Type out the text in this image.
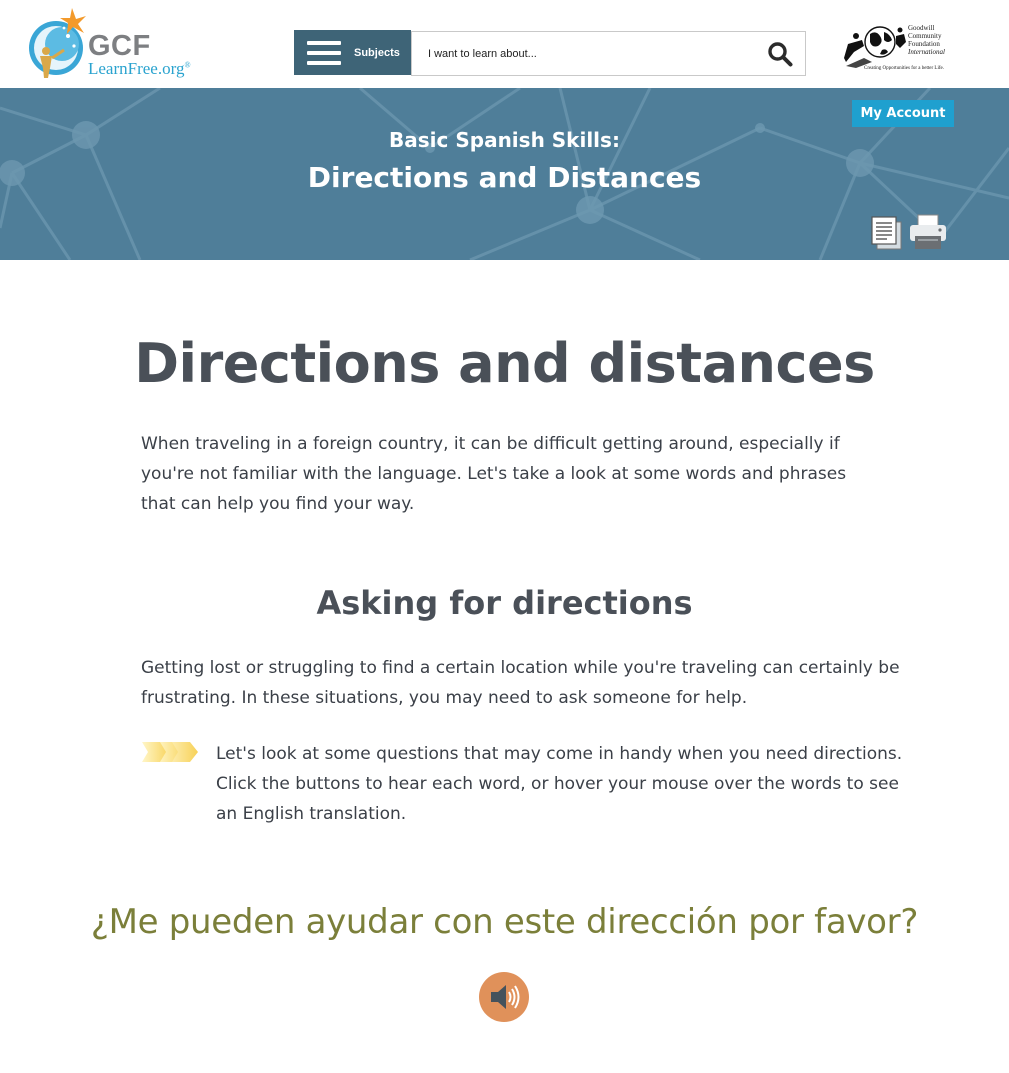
GCF
LearnFree.org®
Subjects
I want to learn about...
Goodwill
Community
Foundation
International
Creating Opportunities for a better Life.
Basic Spanish Skills:
Directions and Distances
My Account
Directions and distances

When traveling in a foreign country, it can be difficult getting around, especially if you're not familiar with the language. Let's take a look at some words and phrases that can help you find your way.

Asking for directions

Getting lost or struggling to find a certain location while you're traveling can certainly be frustrating. In these situations, you may need to ask someone for help.

Let's look at some questions that may come in handy when you need directions. Click the buttons to hear each word, or hover your mouse over the words to see an English translation.

¿Me pueden ayudar con este dirección por favor?
